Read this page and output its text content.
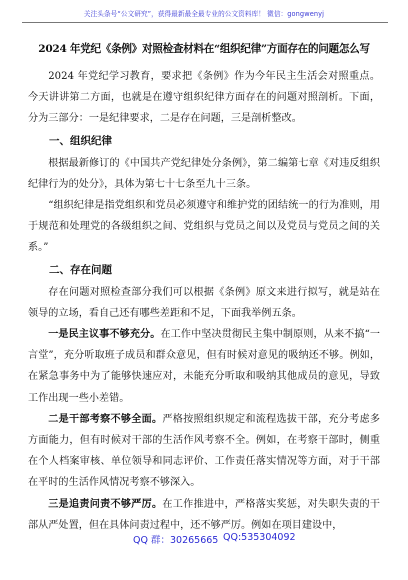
关注头条号“公文研究”，获得最新最全最专业的公文资料库！ 微信：gongwenyj
2024 年党纪《条例》对照检查材料在“组织纪律”方面存在的问题怎么写

2024 年党纪学习教育，要求把《条例》作为今年民主生活会对照重点。今天讲讲第二方面，也就是在遵守组织纪律方面存在的问题对照剖析。下面，分为三部分：一是纪律要求，二是存在问题，三是剖析整改。

一、组织纪律

根据最新修订的《中国共产党纪律处分条例》，第二编第七章《对违反组织纪律行为的处分》，具体为第七十七条至九十三条。

“组织纪律是指党组织和党员必须遵守和维护党的团结统一的行为准则，用于规范和处理党的各级组织之间、党组织与党员之间以及党员与党员之间的关系。”

二、存在问题

存在问题对照检查部分我们可以根据《条例》原文来进行拟写，就是站在领导的立场，看自己还有哪些差距和不足，下面我举例五条。

一是民主议事不够充分。在工作中坚决贯彻民主集中制原则，从来不搞“一言堂”，充分听取班子成员和群众意见，但有时候对意见的吸纳还不够。例如，在紧急事务中为了能够快速应对，未能充分听取和吸纳其他成员的意见，导致工作出现一些小差错。

二是干部考察不够全面。严格按照组织规定和流程选拔干部，充分考虑多方面能力，但有时候对干部的生活作风考察不全。例如，在考察干部时，侧重在个人档案审核、单位领导和同志评价、工作责任落实情况等方面，对于干部在平时的生活作风情况考察不够深入。

三是追责问责不够严厉。在工作推进中，严格落实奖惩，对失职失责的干部从严处置，但在具体问责过程中，还不够严厉。例如在项目建设中，

QQ 群：30265665 QQ:535304092
